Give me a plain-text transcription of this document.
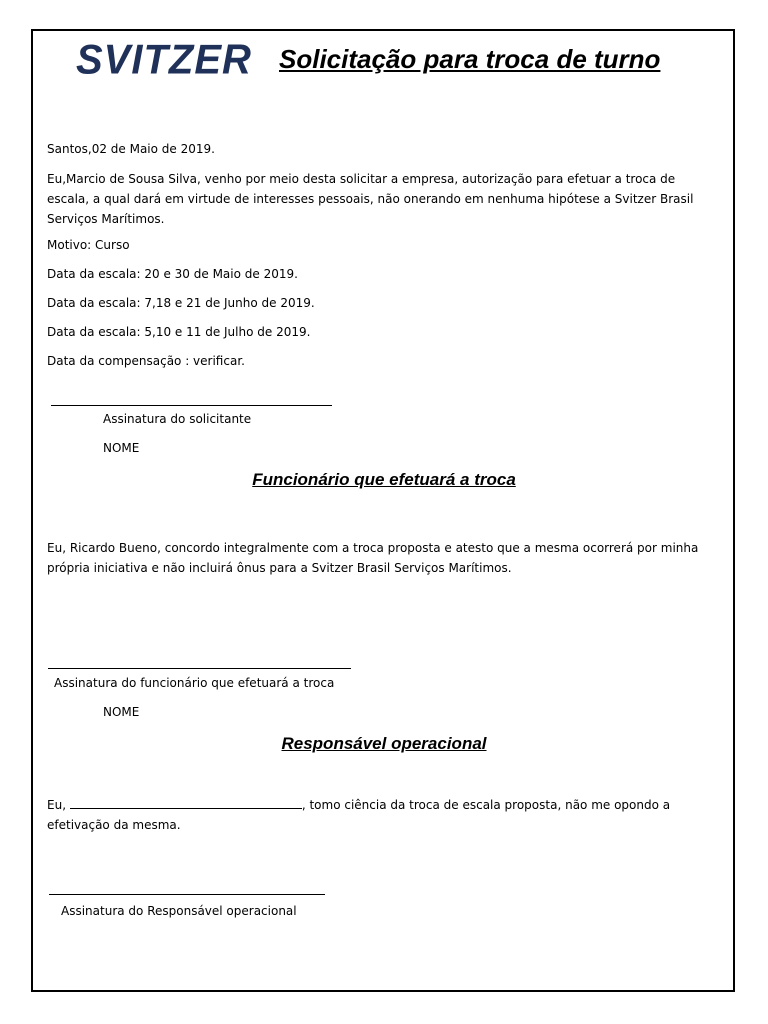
SVITZER Solicitação para troca de turno
Santos,02 de Maio de 2019.
Eu,Marcio de Sousa Silva, venho por meio desta solicitar a empresa, autorização para efetuar a troca de escala, a qual dará em virtude de interesses pessoais, não onerando em nenhuma hipótese a Svitzer Brasil Serviços Marítimos.
Motivo: Curso
Data da escala: 20 e 30 de Maio de 2019.
Data da escala: 7,18 e 21 de Junho de 2019.
Data da escala: 5,10 e 11 de Julho de 2019.
Data da compensação : verificar.
Assinatura do solicitante
NOME
Funcionário que efetuará a troca
Eu, Ricardo Bueno, concordo integralmente com a troca proposta e atesto que a mesma ocorrerá por minha própria iniciativa e não incluirá ônus para a Svitzer Brasil Serviços Marítimos.
Assinatura do funcionário que efetuará a troca
NOME
Responsável operacional
Eu,	, tomo ciência da troca de escala proposta, não me opondo a efetivação da mesma.
Assinatura do Responsável operacional
